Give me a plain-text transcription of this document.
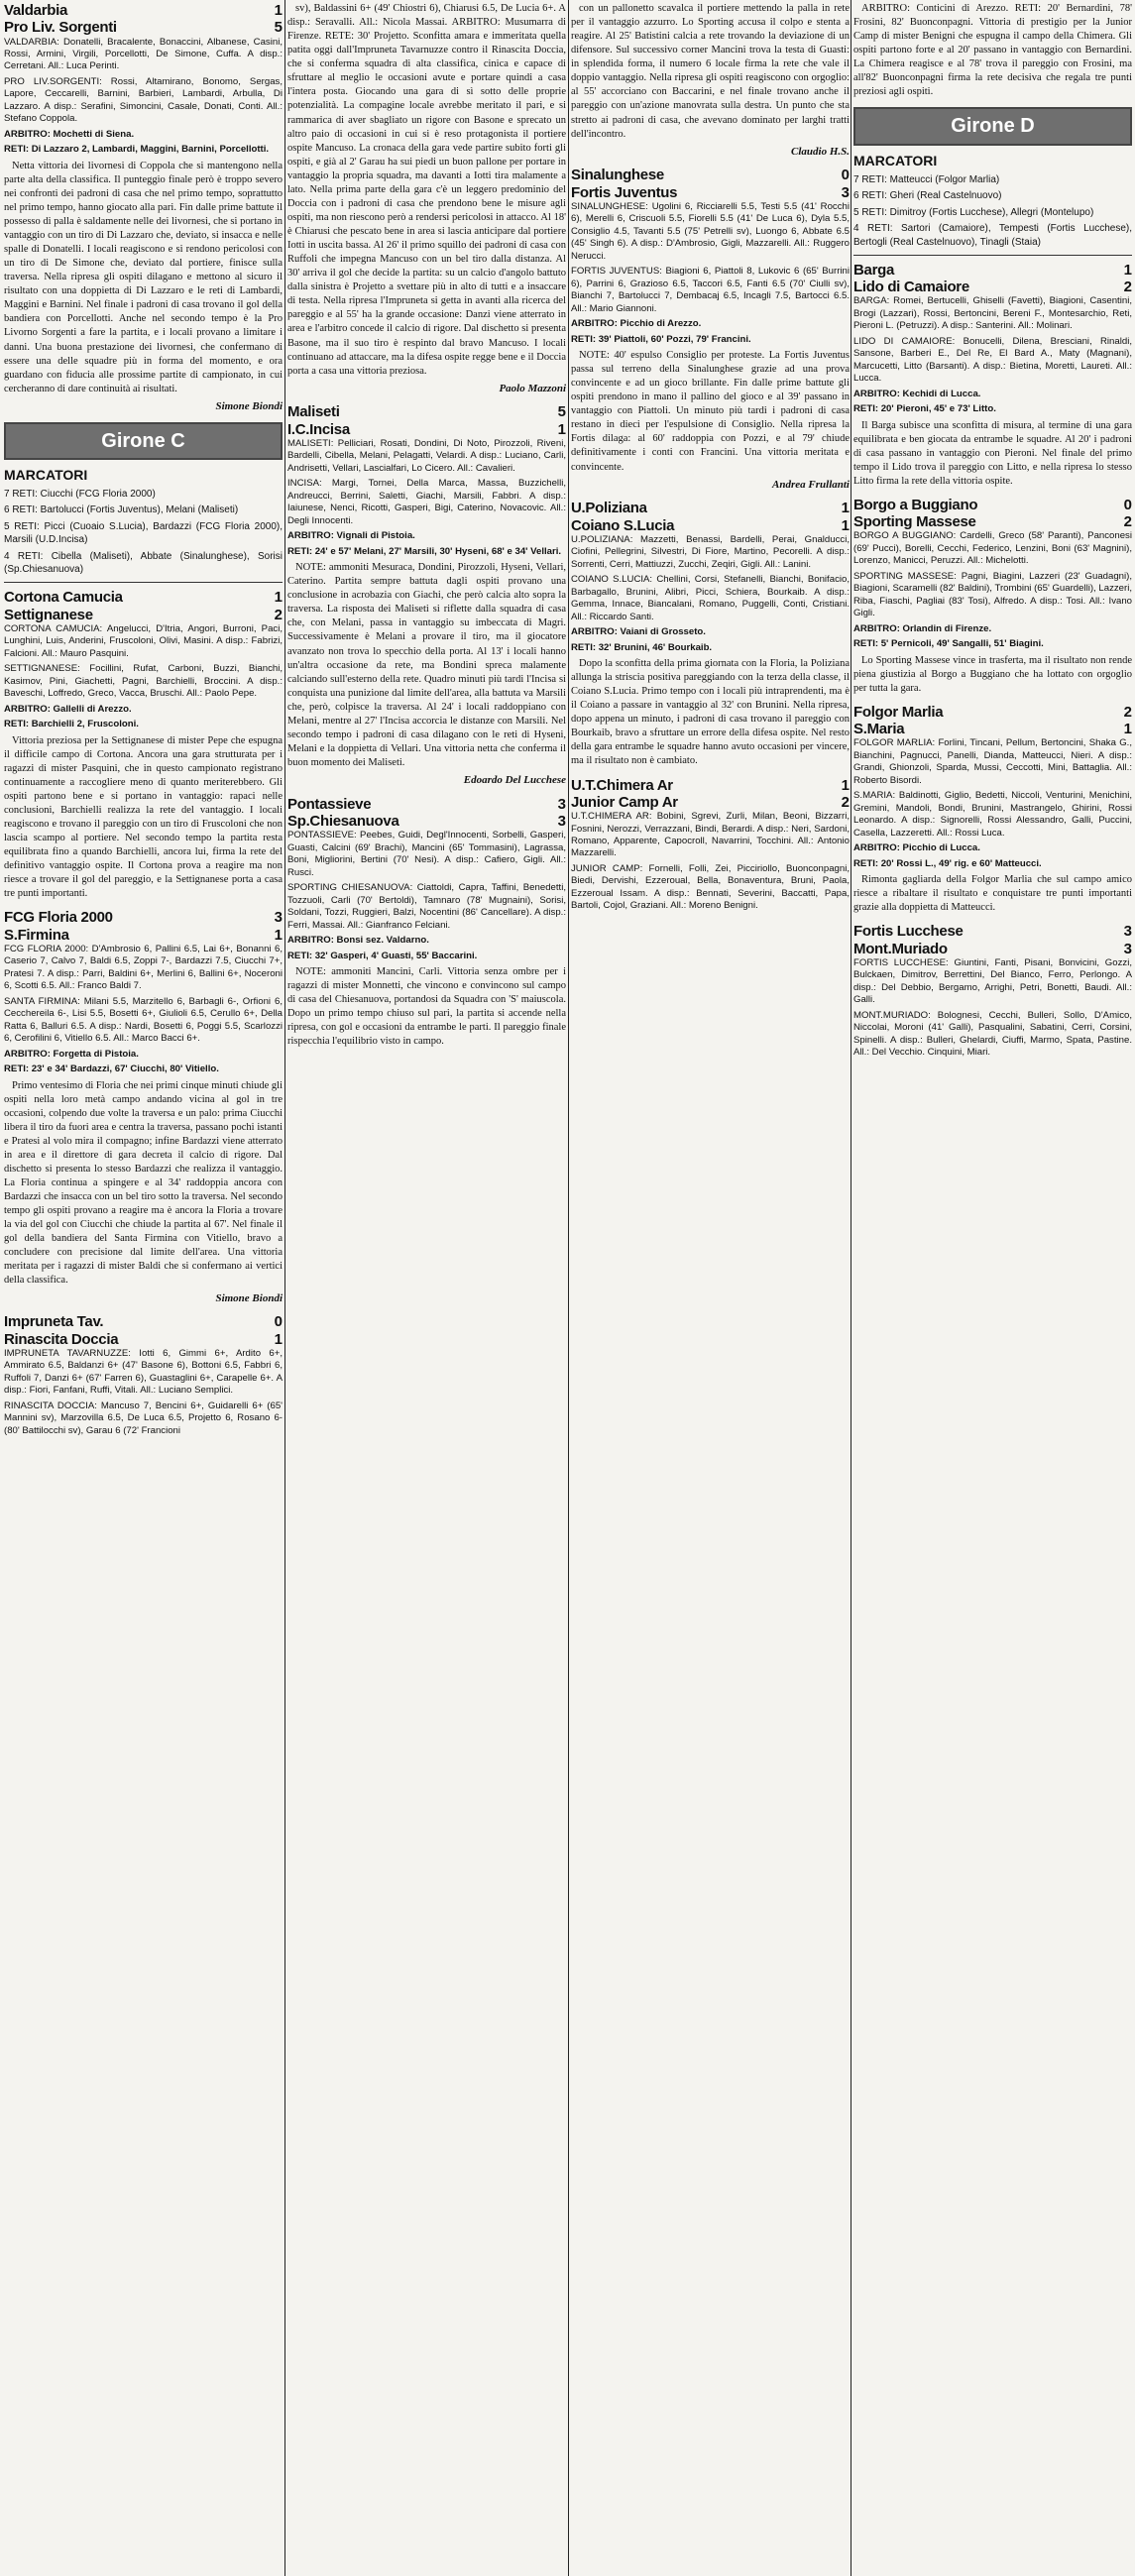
Valdarbia	1
Pro Liv. Sorgenti	5

VALDARBIA: Donatelli, Bracalente, Bonaccini, Albanese, Casini, Rossi, Armini, Virgili, Porcellotti, De Simone, Cuffa. A disp.: Cerretani. All.: Luca Perinti.

PRO LIV.SORGENTI: Rossi, Altamirano, Bonomo, Sergas, Lapore, Ceccarelli, Barnini, Barbieri, Lambardi, Arbulla, Di Lazzaro. A disp.: Serafini, Simoncini, Casale, Donati, Conti. All.: Stefano Coppola.

ARBITRO: Mochetti di Siena.

RETI: Di Lazzaro 2, Lambardi, Maggini, Barnini, Porcellotti.

Netta vittoria dei livornesi di Coppola che si mantengono nella parte alta della classifica. Il punteggio finale però è troppo severo nei confronti dei padroni di casa che nel primo tempo, soprattutto nel primo tempo, hanno giocato alla pari. Fin dalle prime battute il possesso di palla è saldamente nelle dei livornesi, che si portano in vantaggio con un tiro di Di Lazzaro che, deviato, si insacca e nelle spalle di Donatelli. I locali reagiscono e si rendono pericolosi con un tiro di De Simone che, deviato dal portiere, finisce sulla traversa. Nella ripresa gli ospiti dilagano e mettono al sicuro il risultato con una doppietta di Di Lazzaro e le reti di Lambardi, Maggini e Barnini. Nel finale i padroni di casa trovano il gol della bandiera con Porcellotti. Anche nel secondo tempo è la Pro Livorno Sorgenti a fare la partita, e i locali provano a limitare i danni. Una buona prestazione dei livornesi, che confermano di essere una delle squadre più in forma del momento, e ora guardano con fiducia alle prossime partite di campionato, in cui cercheranno di dare continuità ai risultati.

Simone Biondi
Girone C
MARCATORI
7 RETI: Ciucchi (FCG Floria 2000)
6 RETI: Bartolucci (Fortis Juventus), Melani (Maliseti)
5 RETI: Picci (Cuoaio S.Lucia), Bardazzi (FCG Floria 2000), Marsili (U.D.Incisa)
4 RETI: Cibella (Maliseti), Abbate (Sinalunghese), Sorisi (Sp.Chiesanuova)
Cortona Camucia	1
Settignanese	2

CORTONA CAMUCIA: Angelucci, D'Itria, Angori, Burroni, Paci, Lunghini, Luis, Anderini, Fruscoloni, Olivi, Masini. A disp.: Fabrizi, Falcioni. All.: Mauro Pasquini.

SETTIGNANESE: Focillini, Rufat, Carboni, Buzzi, Bianchi, Kasimov, Pini, Giachetti, Pagni, Barchielli, Broccini. A disp.: Baveschi, Loffredo, Greco, Vacca, Bruschi. All.: Paolo Pepe.

ARBITRO: Gallelli di Arezzo.

RETI: Barchielli 2, Fruscoloni.

Vittoria preziosa per la Settignanese di mister Pepe che espugna il difficile campo di Cortona. Ancora una gara strutturata per i ragazzi di mister Pasquini, che in questo campionato registrano continuamente a raccogliere meno di quanto meriterebbero. Gli ospiti partono bene e si portano in vantaggio: rapaci nelle conclusioni, Barchielli realizza la rete del vantaggio. I locali reagiscono e trovano il pareggio con un tiro di Fruscoloni che non lascia scampo al portiere. Nel secondo tempo la partita resta equilibrata fino a quando Barchielli, ancora lui, firma la rete del definitivo vantaggio ospite. Il Cortona prova a reagire ma non riesce a trovare il gol del pareggio, e la Settignanese porta a casa tre punti importanti.

FCG Floria 2000	3
S.Firmina	1

FCG FLORIA 2000: D'Ambrosio 6, Pallini 6.5, Lai 6+, Bonanni 6, Caserio 7, Calvo 7, Baldi 6.5, Zoppi 7-, Bardazzi 7.5, Ciucchi 7+, Pratesi 7. A disp.: Parri, Baldini 6+, Merlini 6, Ballini 6+, Noceroni 6, Scotti 6.5. All.: Franco Baldi 7.

SANTA FIRMINA: Milani 5.5, Marzitello 6, Barbagli 6-, Orfioni 6, Cecchereila 6-, Lisi 5.5, Bosetti 6+, Giulioli 6.5, Cerullo 6+, Della Ratta 6, Balluri 6.5. A disp.: Nardi, Bosetti 6, Poggi 5.5, Scarlozzi 6, Cerofilini 6, Vitiello 6.5. All.: Marco Bacci 6+.

ARBITRO: Forgetta di Pistoia.

RETI: 23' e 34' Bardazzi, 67' Ciucchi, 80' Vitiello.

Primo ventesimo di Floria che nei primi cinque minuti chiude gli ospiti nella loro metà campo andando vicina al gol in tre occasioni, colpendo due volte la traversa e un palo: prima Ciucchi libera il tiro da fuori area e centra la traversa, passano pochi istanti e Pratesi al volo mira il compagno; infine Bardazzi viene atterrato in area e il direttore di gara decreta il calcio di rigore. Dal dischetto si presenta lo stesso Bardazzi che realizza il vantaggio. La Floria continua a spingere e al 34' raddoppia ancora con Bardazzi che insacca con un bel tiro sotto la traversa. Nel secondo tempo gli ospiti provano a reagire ma è ancora la Floria a trovare la via del gol con Ciucchi che chiude la partita al 67'. Nel finale il gol della bandiera del Santa Firmina con Vitiello, bravo a concludere con precisione dal limite dell'area. Una vittoria meritata per i ragazzi di mister Baldi che si confermano ai vertici della classifica.

Simone Biondi
Impruneta Tav.	0
Rinascita Doccia	1

IMPRUNETA TAVARNUZZE: Iotti 6, Gimmi 6+, Ardito 6+, Ammirato 6.5, Baldanzi 6+ (47' Basone 6), Bottoni 6.5, Fabbri 6, Ruffoli 7, Danzi 6+ (67' Farren 6), Guastaglini 6+, Carapelle 6+. A disp.: Fiori, Fanfani, Ruffi, Vitali. All.: Luciano Semplici.

RINASCITA DOCCIA: Mancuso 7, Bencini 6+, Guidarelli 6+ (65' Mannini sv), Marzovilla 6.5, De Luca 6.5, Projetto 6, Rosano 6- (80' Battilocchi sv), Garau 6 (72' Francioni

sv), Baldassini 6+ (49' Chiostri 6), Chiarusi 6.5, De Lucia 6+. A disp.: Seravalli. All.: Nicola Massai. ARBITRO: Musumarra di Firenze. RETE: 30' Projetto. Sconfitta amara e immeritata quella patita oggi dall'Impruneta Tavarnuzze contro il Rinascita Doccia, che si conferma squadra di alta classifica, cinica e capace di sfruttare al meglio le occasioni avute e portare quindi a casa l'intera posta. Giocando una gara di sì sotto delle proprie potenzialità. La compagine locale avrebbe meritato il pari, e si rammarica di aver sbagliato un rigore con Basone e sprecato un altro paio di occasioni in cui si è reso protagonista il portiere ospite Mancuso. La cronaca della gara vede partire subito forti gli ospiti, e già al 2' Garau ha sui piedi un buon pallone per portare in vantaggio la propria squadra, ma davanti a Iotti tira malamente a lato. Nella prima parte della gara c'è un leggero predominio del Doccia con i padroni di casa che prendono bene le misure agli ospiti, ma non riescono però a rendersi pericolosi in attacco. Al 18' è Chiarusi che pescato bene in area si lascia anticipare dal portiere Iotti in uscita bassa. Al 26' il primo squillo dei padroni di casa con Ruffoli che impegna Mancuso con un bel tiro dalla distanza. Al 30' arriva il gol che decide la partita: su un calcio d'angolo battuto dalla sinistra è Projetto a svettare più in alto di tutti e a insaccare di testa. Nella ripresa l'Impruneta si getta in avanti alla ricerca del pareggio e al 55' ha la grande occasione: Danzi viene atterrato in area e l'arbitro concede il calcio di rigore. Dal dischetto si presenta Basone, ma il suo tiro è respinto dal bravo Mancuso. I locali continuano ad attaccare, ma la difesa ospite regge bene e il Doccia porta a casa una vittoria preziosa.

Paolo Mazzoni
Maliseti	5
I.C.Incisa	1

MALISETI: Pelliciari, Rosati, Dondini, Di Noto, Pirozzoli, Riveni, Bardelli, Cibella, Melani, Pelagatti, Velardi. A disp.: Luciano, Carli, Andrisetti, Vellari, Lascialfari, Lo Cicero. All.: Cavalieri.

INCISA: Margi, Tornei, Della Marca, Massa, Buzzichelli, Andreucci, Berrini, Saletti, Giachi, Marsili, Fabbri. A disp.: Iaiunese, Nenci, Ricotti, Gasperi, Bigi, Caterino, Novacovic. All.: Degli Innocenti.

ARBITRO: Vignali di Pistoia.

RETI: 24' e 57' Melani, 27' Marsili, 30' Hyseni, 68' e 34' Vellari.

NOTE: ammoniti Mesuraca, Dondini, Pirozzoli, Hyseni, Vellari, Caterino. Partita sempre battuta dagli ospiti provano una conclusione in acrobazia con Giachi, che però calcia alto sopra la traversa. La risposta dei Maliseti si riflette dalla squadra di casa che, con Melani, passa in vantaggio su imbeccata di Magri. Successivamente è Melani a provare il tiro, ma il giocatore avanzato non trova lo specchio della porta. Al 13' i locali hanno un'altra occasione da rete, ma Bondini spreca malamente calciando sull'esterno della rete. Quadro minuti più tardi l'Incisa si conquista una punizione dal limite dell'area, alla battuta va Marsili che, però, colpisce la traversa. Al 24' i locali raddoppiano con Melani, mentre al 27' l'Incisa accorcia le distanze con Marsili. Nel secondo tempo i padroni di casa dilagano con le reti di Hyseni, Melani e la doppietta di Vellari. Una vittoria netta che conferma il buon momento dei Maliseti.

Edoardo Del Lucchese
Pontassieve	3
Sp.Chiesanuova	3

PONTASSIEVE: Peebes, Guidi, Degl'Innocenti, Sorbelli, Gasperi, Guasti, Calcini (69' Brachi), Mancini (65' Tommasini), Lagrassa, Boni, Migliorini, Bertini (70' Nesi). A disp.: Cafiero, Gigli. All.: Rusci.

SPORTING CHIESANUOVA: Ciattoldi, Capra, Taffini, Benedetti, Tozzuoli, Carli (70' Bertoldi), Tamnaro (78' Mugnaini), Sorisi, Soldani, Tozzi, Ruggieri, Balzi, Nocentini (86' Cancellare). A disp.: Ferri, Massai. All.: Gianfranco Felciani.

ARBITRO: Bonsi sez. Valdarno.

RETI: 32' Gasperi, 4' Guasti, 55' Baccarini.

NOTE: ammoniti Mancini, Carli. Vittoria senza ombre per i ragazzi di mister Monnetti, che vincono e convincono sul campo di casa del Chiesanuova, portandosi da Squadra con 'S' maiuscola. Dopo un primo tempo chiuso sul pari, la partita si accende nella ripresa, con gol e occasioni da entrambe le parti. Il pareggio finale rispecchia l'equilibrio visto in campo.

con un pallonetto scavalca il portiere mettendo la palla in rete per il vantaggio azzurro. Lo Sporting accusa il colpo e stenta a reagire. Al 25' Batistini calcia a rete trovando la deviazione di un difensore. Sul successivo corner Mancini trova la testa di Guasti: in splendida forma, il numero 6 locale firma la rete che vale il doppio vantaggio. Nella ripresa gli ospiti reagiscono con orgoglio: al 55' accorciano con Baccarini, e nel finale trovano anche il pareggio con un'azione manovrata sulla destra. Un punto che sta stretto ai padroni di casa, che avevano dominato per larghi tratti dell'incontro.

Claudio H.S.
Sinalunghese	0
Fortis Juventus	3

SINALUNGHESE: Ugolini 6, Ricciarelli 5.5, Testi 5.5 (41' Rocchi 6), Merelli 6, Criscuoli 5.5, Fiorelli 5.5 (41' De Luca 6), Dyla 5.5, Consiglio 4.5, Tavanti 5.5 (75' Petrelli sv), Luongo 6, Abbate 6.5 (45' Singh 6). A disp.: D'Ambrosio, Gigli, Mazzarelli. All.: Ruggero Nerucci.

FORTIS JUVENTUS: Biagioni 6, Piattoli 8, Lukovic 6 (65' Burrini 6), Parrini 6, Grazioso 6.5, Taccori 6.5, Fanti 6.5 (70' Ciulli sv), Bianchi 7, Bartolucci 7, Dembacaj 6.5, Incagli 7.5, Bartocci 6.5. All.: Mario Giannoni.

ARBITRO: Picchio di Arezzo.

RETI: 39' Piattoli, 60' Pozzi, 79' Francini.

NOTE: 40' espulso Consiglio per proteste. La Fortis Juventus passa sul terreno della Sinalunghese grazie ad una prova convincente e ad un gioco brillante. Fin dalle prime battute gli ospiti prendono in mano il pallino del gioco e al 39' passano in vantaggio con Piattoli. Un minuto più tardi i padroni di casa restano in dieci per l'espulsione di Consiglio. Nella ripresa la Fortis dilaga: al 60' raddoppia con Pozzi, e al 79' chiude definitivamente i conti con Francini. Una vittoria meritata e convincente.

Andrea Frullanti
U.Poliziana	1
Coiano S.Lucia	1

U.POLIZIANA: Mazzetti, Benassi, Bardelli, Perai, Gnalducci, Ciofini, Pellegrini, Silvestri, Di Fiore, Martino, Pecorelli. A disp.: Sorrenti, Cerri, Mattiuzzi, Zucchi, Zeqiri, Gigli. All.: Lanini.

COIANO S.LUCIA: Chellini, Corsi, Stefanelli, Bianchi, Bonifacio, Barbagallo, Brunini, Alibri, Picci, Schiera, Bourkaib. A disp.: Gemma, Innace, Biancalani, Romano, Puggelli, Conti, Cristiani. All.: Riccardo Santi.

ARBITRO: Vaiani di Grosseto.

RETI: 32' Brunini, 46' Bourkaib.

Dopo la sconfitta della prima giornata con la Floria, la Poliziana allunga la striscia positiva pareggiando con la terza della classe, il Coiano S.Lucia. Primo tempo con i locali più intraprendenti, ma è il Coiano a passare in vantaggio al 32' con Brunini. Nella ripresa, dopo appena un minuto, i padroni di casa trovano il pareggio con Bourkaib, bravo a sfruttare un errore della difesa ospite. Nel resto della gara entrambe le squadre hanno avuto occasioni per vincere, ma il risultato non è cambiato.

U.T.Chimera Ar	1
Junior Camp Ar	2

U.T.CHIMERA AR: Bobini, Sgrevi, Zurli, Milan, Beoni, Bizzarri, Fosnini, Nerozzi, Verrazzani, Bindi, Berardi. A disp.: Neri, Sardoni, Romano, Apparente, Capocroll, Navarrini, Tocchini. All.: Antonio Mazzarelli.

JUNIOR CAMP: Fornelli, Folli, Zei, Picciriollo, Buonconpagni, Biedi, Dervishi, Ezzeroual, Bella, Bonaventura, Bruni, Paola, Ezzeroual Issam. A disp.: Bennati, Severini, Baccatti, Papa, Bartoli, Cojol, Graziani. All.: Moreno Benigni.

ARBITRO: Conticini di Arezzo. RETI: 20' Bernardini, 78' Frosini, 82' Buonconpagni. Vittoria di prestigio per la Junior Camp di mister Benigni che espugna il campo della Chimera. Gli ospiti partono forte e al 20' passano in vantaggio con Bernardini. La Chimera reagisce e al 78' trova il pareggio con Frosini, ma all'82' Buonconpagni firma la rete decisiva che regala tre punti preziosi agli ospiti.

Girone D
MARCATORI
7 RETI: Matteucci (Folgor Marlia)
6 RETI: Gheri (Real Castelnuovo)
5 RETI: Dimitroy (Fortis Lucchese), Allegri (Montelupo)
4 RETI: Sartori (Camaiore), Tempesti (Fortis Lucchese), Bertogli (Real Castelnuovo), Tinagli (Staia)
Barga	1
Lido di Camaiore	2

BARGA: Romei, Bertucelli, Ghiselli (Favetti), Biagioni, Casentini, Brogi (Lazzari), Rossi, Bertoncini, Bereni F., Montesarchio, Reti, Pieroni L. (Petruzzi). A disp.: Santerini. All.: Molinari.

LIDO DI CAMAIORE: Bonucelli, Dilena, Bresciani, Rinaldi, Sansone, Barberi E., Del Re, El Bard A., Maty (Magnani), Marcucetti, Litto (Barsanti). A disp.: Bietina, Moretti, Laureti. All.: Lucca.

ARBITRO: Kechidi di Lucca.

RETI: 20' Pieroni, 45' e 73' Litto.

Il Barga subisce una sconfitta di misura, al termine di una gara equilibrata e ben giocata da entrambe le squadre. Al 20' i padroni di casa passano in vantaggio con Pieroni. Nel finale del primo tempo il Lido trova il pareggio con Litto, e nella ripresa lo stesso Litto firma la rete della vittoria ospite.

Borgo a Buggiano	0
Sporting Massese	2

BORGO A BUGGIANO: Cardelli, Greco (58' Paranti), Panconesi (69' Pucci), Borelli, Cecchi, Federico, Lenzini, Boni (63' Magnini), Lorenzo, Manicci, Peruzzi. All.: Michelotti.

SPORTING MASSESE: Pagni, Biagini, Lazzeri (23' Guadagni), Biagioni, Scaramelli (82' Baldini), Trombini (65' Guardelli), Lazzeri, Riba, Fiaschi, Pagliai (83' Tosi), Alfredo. A disp.: Tosi. All.: Ivano Gigli.

ARBITRO: Orlandin di Firenze.

RETI: 5' Pernicoli, 49' Sangalli, 51' Biagini.

Lo Sporting Massese vince in trasferta, ma il risultato non rende piena giustizia al Borgo a Buggiano che ha lottato con orgoglio per tutta la gara.

Folgor Marlia	2
S.Maria	1

FOLGOR MARLIA: Forlini, Tincani, Pellum, Bertoncini, Shaka G., Bianchini, Pagnucci, Panelli, Dianda, Matteucci, Nieri. A disp.: Grandi, Ghionzoli, Sparda, Mussi, Ceccotti, Mini, Battaglia. All.: Roberto Bisordi.

S.MARIA: Baldinotti, Giglio, Bedetti, Niccoli, Venturini, Menichini, Gremini, Mandoli, Bondi, Brunini, Mastrangelo, Ghirini, Rossi Leonardo. A disp.: Signorelli, Rossi Alessandro, Galli, Puccini, Casella, Lazzeretti. All.: Rossi Luca.

ARBITRO: Picchio di Lucca.

RETI: 20' Rossi L., 49' rig. e 60' Matteucci.

Rimonta gagliarda della Folgor Marlia che sul campo amico riesce a ribaltare il risultato e conquistare tre punti importanti grazie alla doppietta di Matteucci.

Fortis Lucchese	3
Mont.Muriado	3

FORTIS LUCCHESE: Giuntini, Fanti, Pisani, Bonvicini, Gozzi, Bulckaen, Dimitrov, Berrettini, Del Bianco, Ferro, Perlongo. A disp.: Del Debbio, Bergamo, Arrighi, Petri, Bonetti, Baudi. All.: Galli.

MONT.MURIADO: Bolognesi, Cecchi, Bulleri, Sollo, D'Amico, Niccolai, Moroni (41' Galli), Pasqualini, Sabatini, Cerri, Corsini, Spinelli. A disp.: Bulleri, Ghelardi, Ciuffi, Marmo, Spata, Pastine. All.: Del Vecchio. Cinquini, Miari.
